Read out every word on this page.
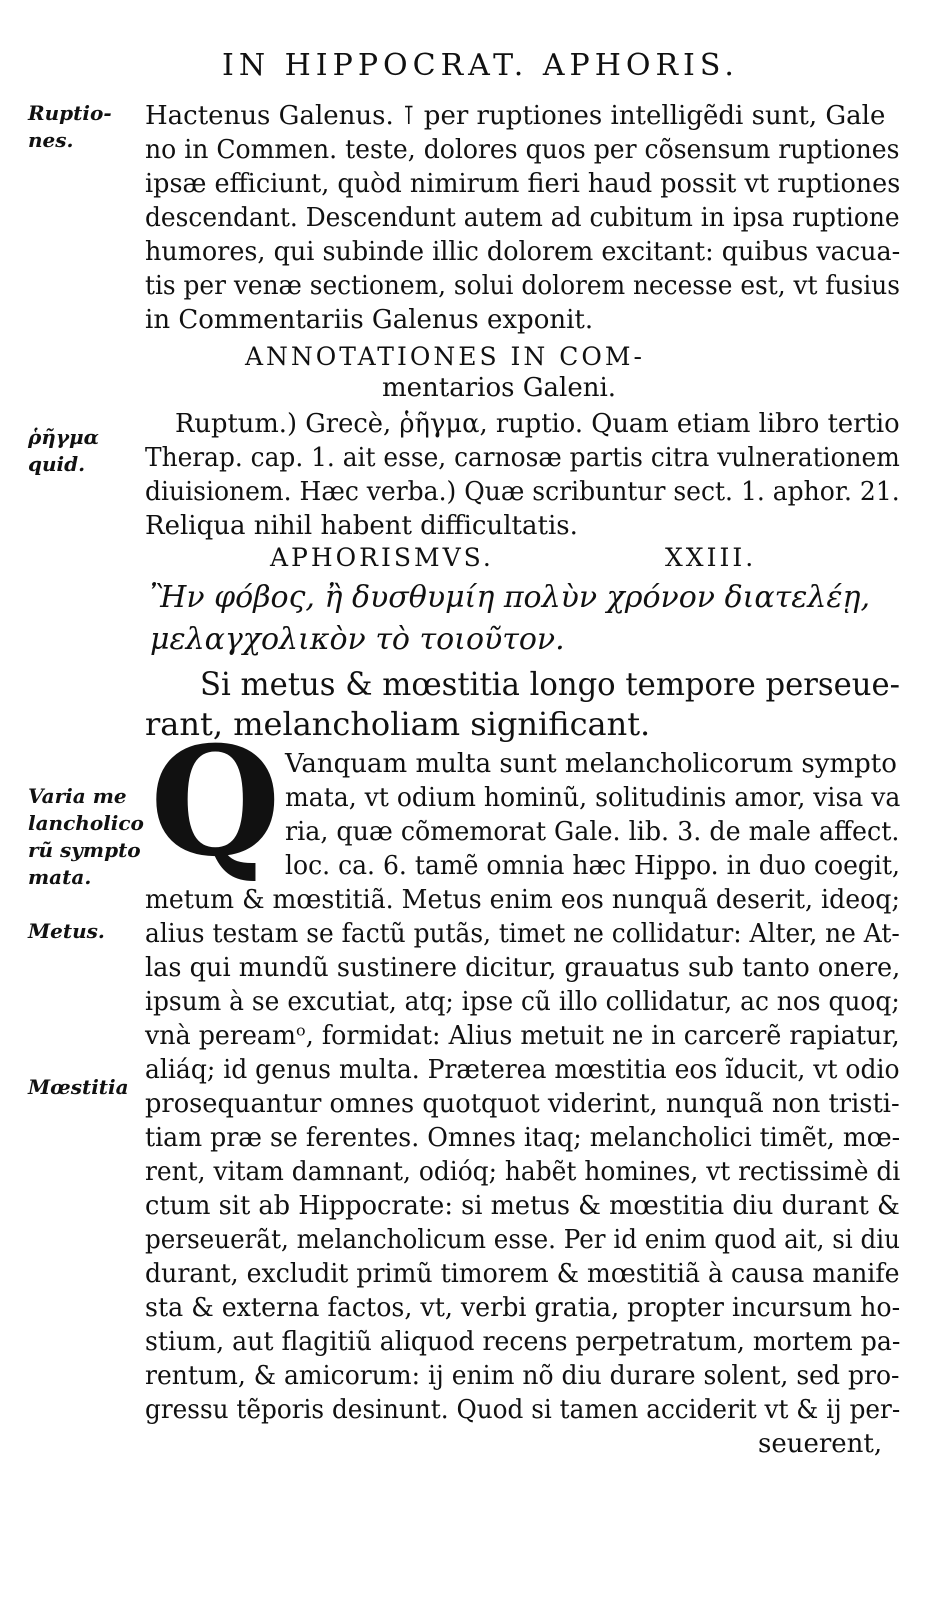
IN HIPPOCRAT. APHORIS.
Ruptio-
nes.
ῥῆγμα
quid.
Varia me
lancholico
rũ sympto
mata.
Metus.
Mœstitia
Hactenus Galenus. ⊺ per ruptiones intelligẽdi sunt, Gale
no in Commen. teste, dolores quos per cõsensum ruptiones
ipsæ efficiunt, quòd nimirum fieri haud possit vt ruptiones
descendant. Descendunt autem ad cubitum in ipsa ruptione
humores, qui subinde illic dolorem excitant: quibus vacua-
tis per venæ sectionem, solui dolorem necesse est, vt fusius
in Commentariis Galenus exponit.
ANNOTATIONES IN COM-
mentarios Galeni.
Ruptum.) Grecè, ῥῆγμα, ruptio. Quam etiam libro tertio
Therap. cap. 1. ait esse, carnosæ partis citra vulnerationem
diuisionem. Hæc verba.) Quæ scribuntur sect. 1. aphor. 21.
Reliqua nihil habent difficultatis.
APHORISMVS.	XXIII.
Ἢν φόβος, ἢ δυσθυμίη πολὺν χρόνον διατελέῃ,
μελαγχολικὸν τὸ τοιοῦτον.
Si metus & mœstitia longo tempore perseue-
rant, melancholiam significant.
Q Vanquam multa sunt melancholicorum sympto
mata, vt odium hominũ, solitudinis amor, visa va
ria, quæ cõmemorat Gale. lib. 3. de male affect.
loc. ca. 6. tamẽ omnia hæc Hippo. in duo coegit,
metum & mœstitiã. Metus enim eos nunquã deserit, ideoq;
alius testam se factũ putãs, timet ne collidatur: Alter, ne At-
las qui mundũ sustinere dicitur, grauatus sub tanto onere,
ipsum à se excutiat, atq; ipse cũ illo collidatur, ac nos quoq;
vnà pereamᵒ, formidat: Alius metuit ne in carcerẽ rapiatur,
aliáq; id genus multa. Præterea mœstitia eos ĩducit, vt odio
prosequantur omnes quotquot viderint, nunquã non tristi-
tiam præ se ferentes. Omnes itaq; melancholici timẽt, mœ-
rent, vitam damnant, odióq; habẽt homines, vt rectissimè di
ctum sit ab Hippocrate: si metus & mœstitia diu durant &
perseuerãt, melancholicum esse. Per id enim quod ait, si diu
durant, excludit primũ timorem & mœstitiã à causa manife
sta & externa factos, vt, verbi gratia, propter incursum ho-
stium, aut flagitiũ aliquod recens perpetratum, mortem pa-
rentum, & amicorum: ij enim nõ diu durare solent, sed pro-
gressu tẽporis desinunt. Quod si tamen acciderit vt & ij per-
seuerent,
